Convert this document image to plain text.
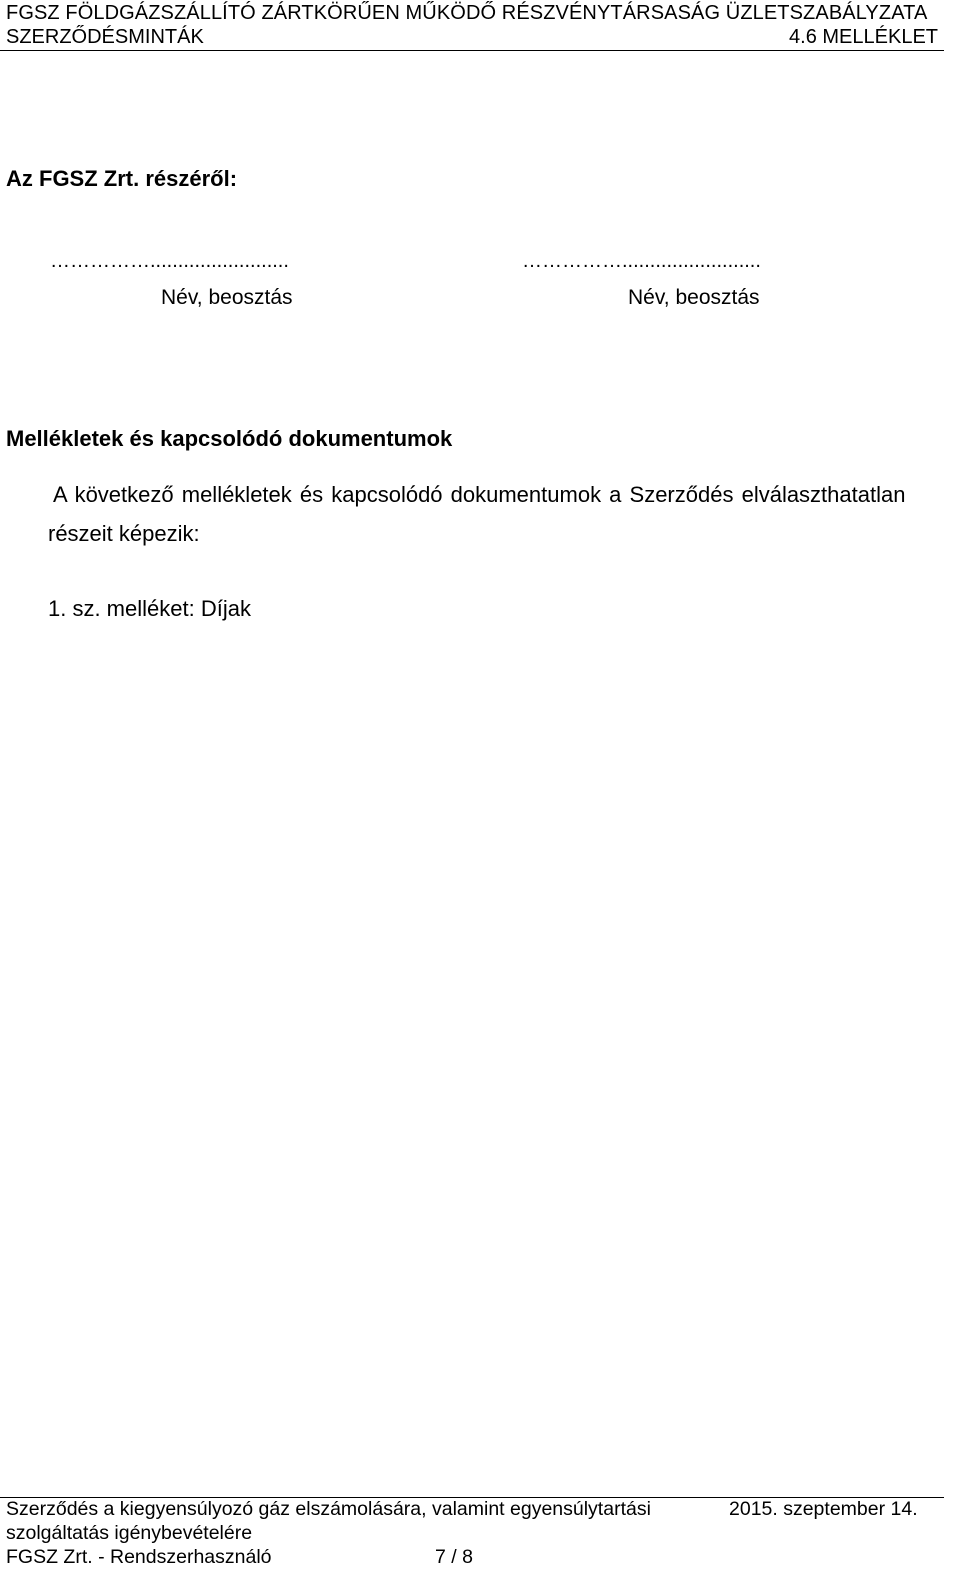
FGSZ FÖLDGÁZSZÁLLÍTÓ ZÁRTKÖRŰEN MŰKÖDŐ RÉSZVÉNYTÁRSASÁG ÜZLETSZABÁLYZATA
SZERZŐDÉSMINTÁK	4.6 MELLÉKLET
Az FGSZ Zrt. részéről:
…………….........................	…………….........................
Név, beosztás	Név, beosztás
Mellékletek és kapcsolódó dokumentumok
A következő mellékletek és kapcsolódó dokumentumok a Szerződés elválaszthatatlan
részeit képezik:
1. sz. melléket: Díjak
Szerződés a kiegyensúlyozó gáz elszámolására, valamint egyensúlytartási	2015. szeptember 14.
szolgáltatás igénybevételére
FGSZ Zrt. - Rendszerhasználó	7 / 8
